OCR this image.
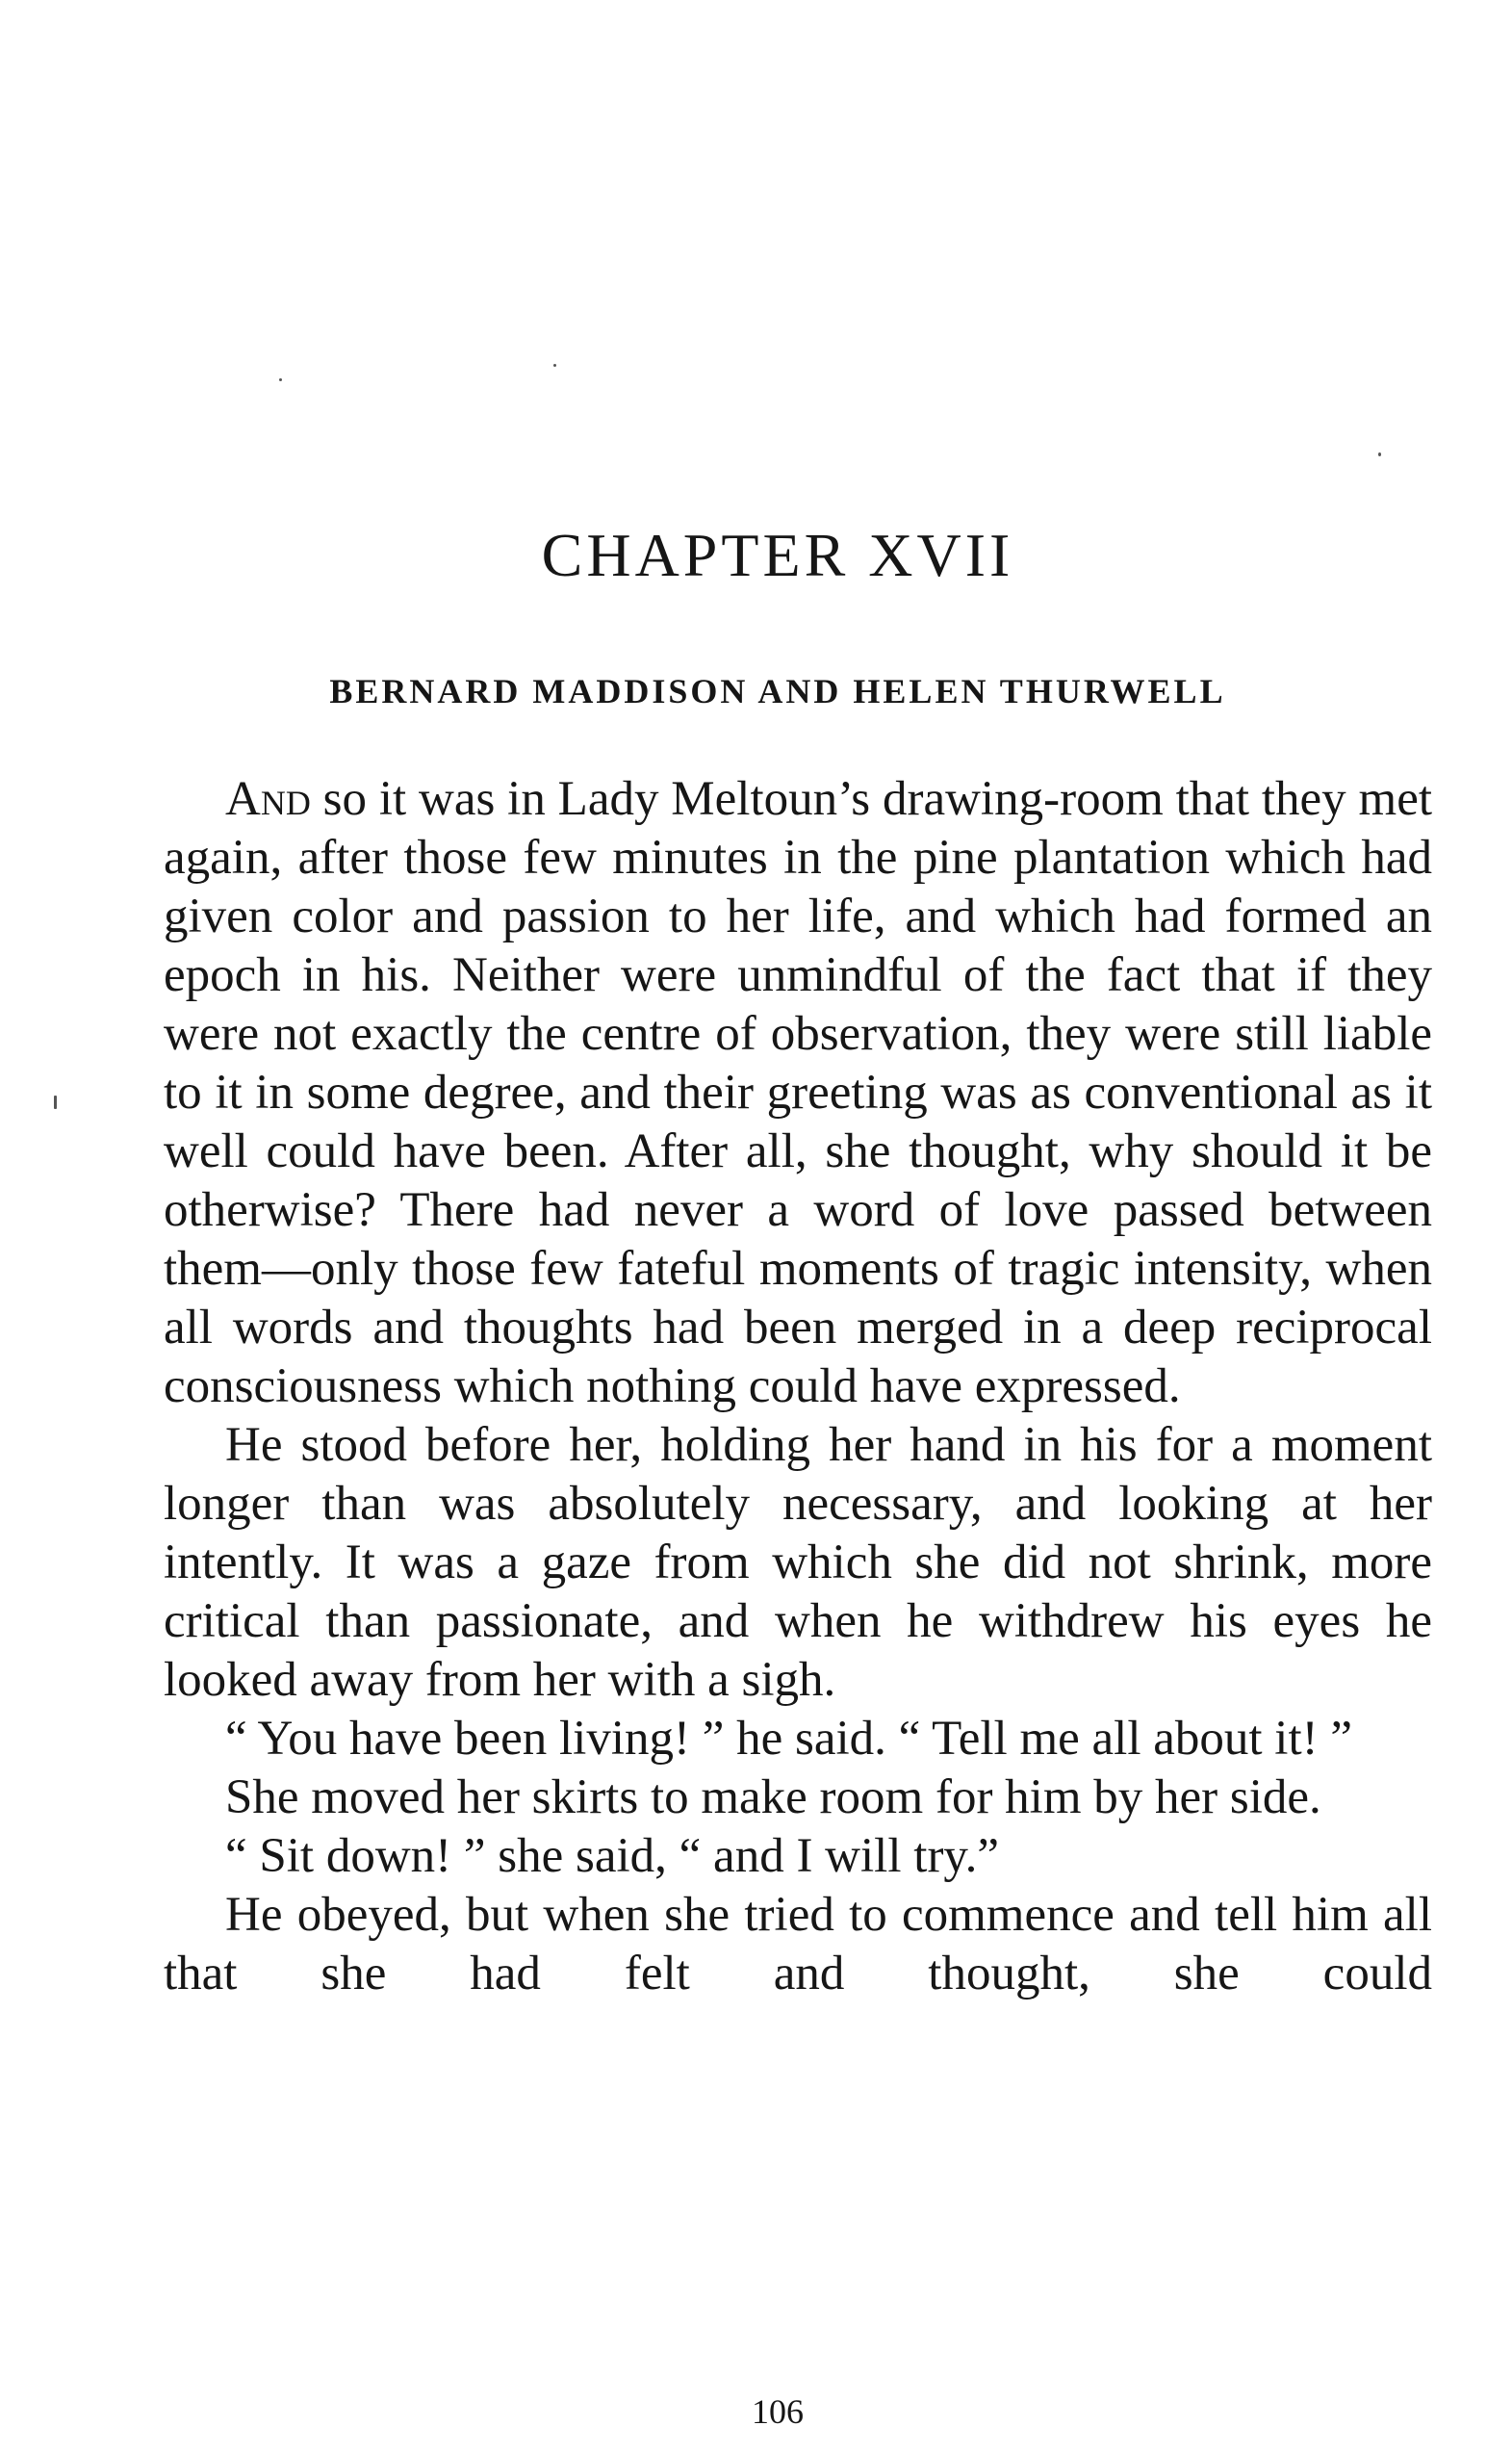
CHAPTER XVII
BERNARD MADDISON AND HELEN THURWELL

And so it was in Lady Meltoun’s drawing-room that they met again, after those few minutes in the pine plantation which had given color and passion to her life, and which had formed an epoch in his. Neither were unmindful of the fact that if they were not exactly the centre of observation, they were still liable to it in some degree, and their greeting was as conventional as it well could have been. After all, she thought, why should it be otherwise? There had never a word of love passed between them—only those few fateful moments of tragic intensity, when all words and thoughts had been merged in a deep reciprocal consciousness which nothing could have expressed.

He stood before her, holding her hand in his for a moment longer than was absolutely necessary, and looking at her intently. It was a gaze from which she did not shrink, more critical than passionate, and when he withdrew his eyes he looked away from her with a sigh.

“ You have been living! ” he said. “ Tell me all about it! ”

She moved her skirts to make room for him by her side.

“ Sit down! ” she said, “ and I will try.”

He obeyed, but when she tried to commence and tell him all that she had felt and thought, she could

106
